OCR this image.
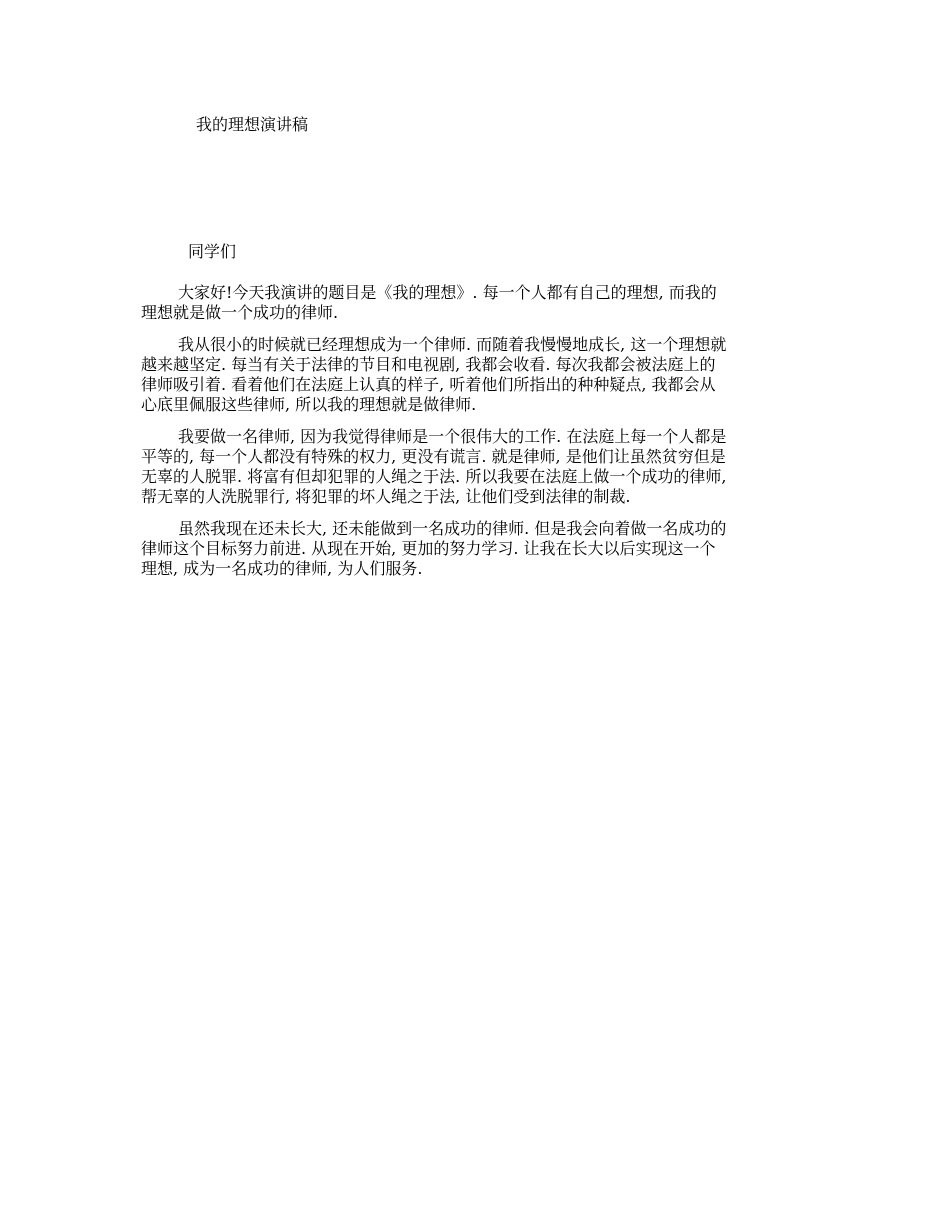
我的理想演讲稿
同学们

大家好!今天我演讲的题目是《我的理想》. 每一个人都有自己的理想, 而我的
理想就是做一个成功的律师.

我从很小的时候就已经理想成为一个律师. 而随着我慢慢地成长, 这一个理想就
越来越坚定. 每当有关于法律的节目和电视剧, 我都会收看. 每次我都会被法庭上的
律师吸引着. 看着他们在法庭上认真的样子, 听着他们所指出的种种疑点, 我都会从
心底里佩服这些律师, 所以我的理想就是做律师.

我要做一名律师, 因为我觉得律师是一个很伟大的工作. 在法庭上每一个人都是
平等的, 每一个人都没有特殊的权力, 更没有谎言. 就是律师, 是他们让虽然贫穷但是
无辜的人脱罪. 将富有但却犯罪的人绳之于法. 所以我要在法庭上做一个成功的律师,
帮无辜的人洗脱罪行, 将犯罪的坏人绳之于法, 让他们受到法律的制裁.

虽然我现在还未长大, 还未能做到一名成功的律师. 但是我会向着做一名成功的
律师这个目标努力前进. 从现在开始, 更加的努力学习. 让我在长大以后实现这一个
理想, 成为一名成功的律师, 为人们服务.
